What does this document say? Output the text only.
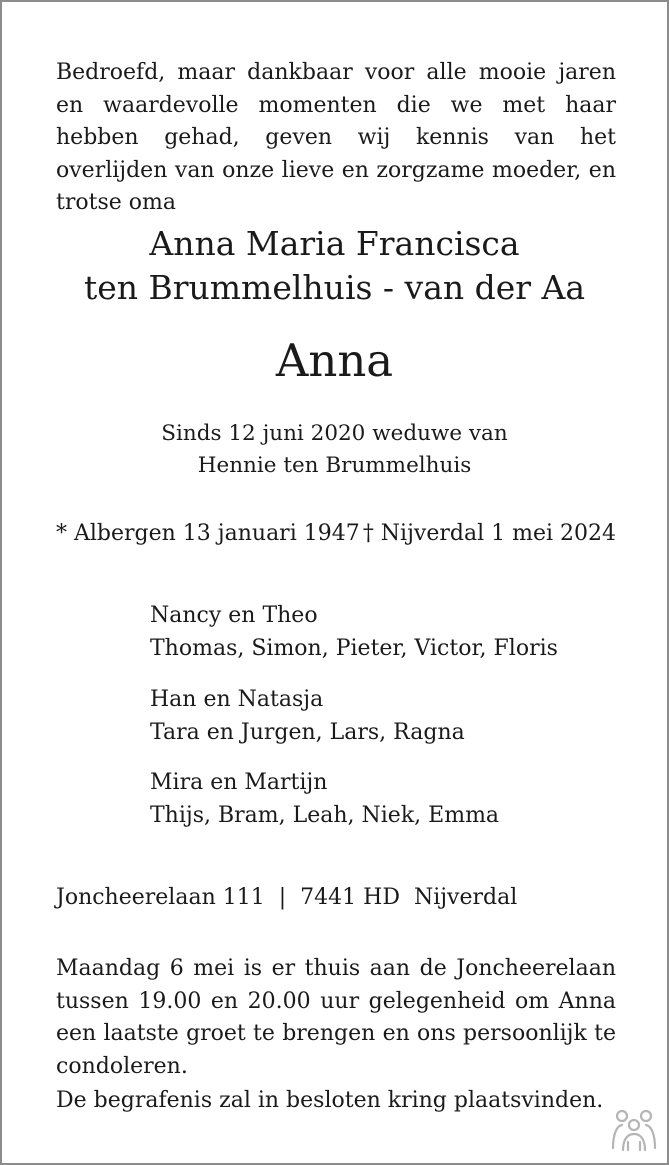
Bedroefd, maar dankbaar voor alle mooie jaren en waardevolle momenten die we met haar hebben gehad, geven wij kennis van het overlijden van onze lieve en zorgzame moeder, en trotse oma
Anna Maria Francisca
ten Brummelhuis - van der Aa
Anna
Sinds 12 juni 2020 weduwe van
Hennie ten Brummelhuis
* Albergen 13 januari 1947 † Nijverdal 1 mei 2024
Nancy en Theo
Thomas, Simon, Pieter, Victor, Floris
Han en Natasja
Tara en Jurgen, Lars, Ragna
Mira en Martijn
Thijs, Bram, Leah, Niek, Emma
Joncheerelaan 111 | 7441 HD  Nijverdal
Maandag 6 mei is er thuis aan de Joncheerelaan tussen 19.00 en 20.00 uur gelegenheid om Anna een laatste groet te brengen en ons persoonlijk te condoleren.
De begrafenis zal in besloten kring plaatsvinden.
